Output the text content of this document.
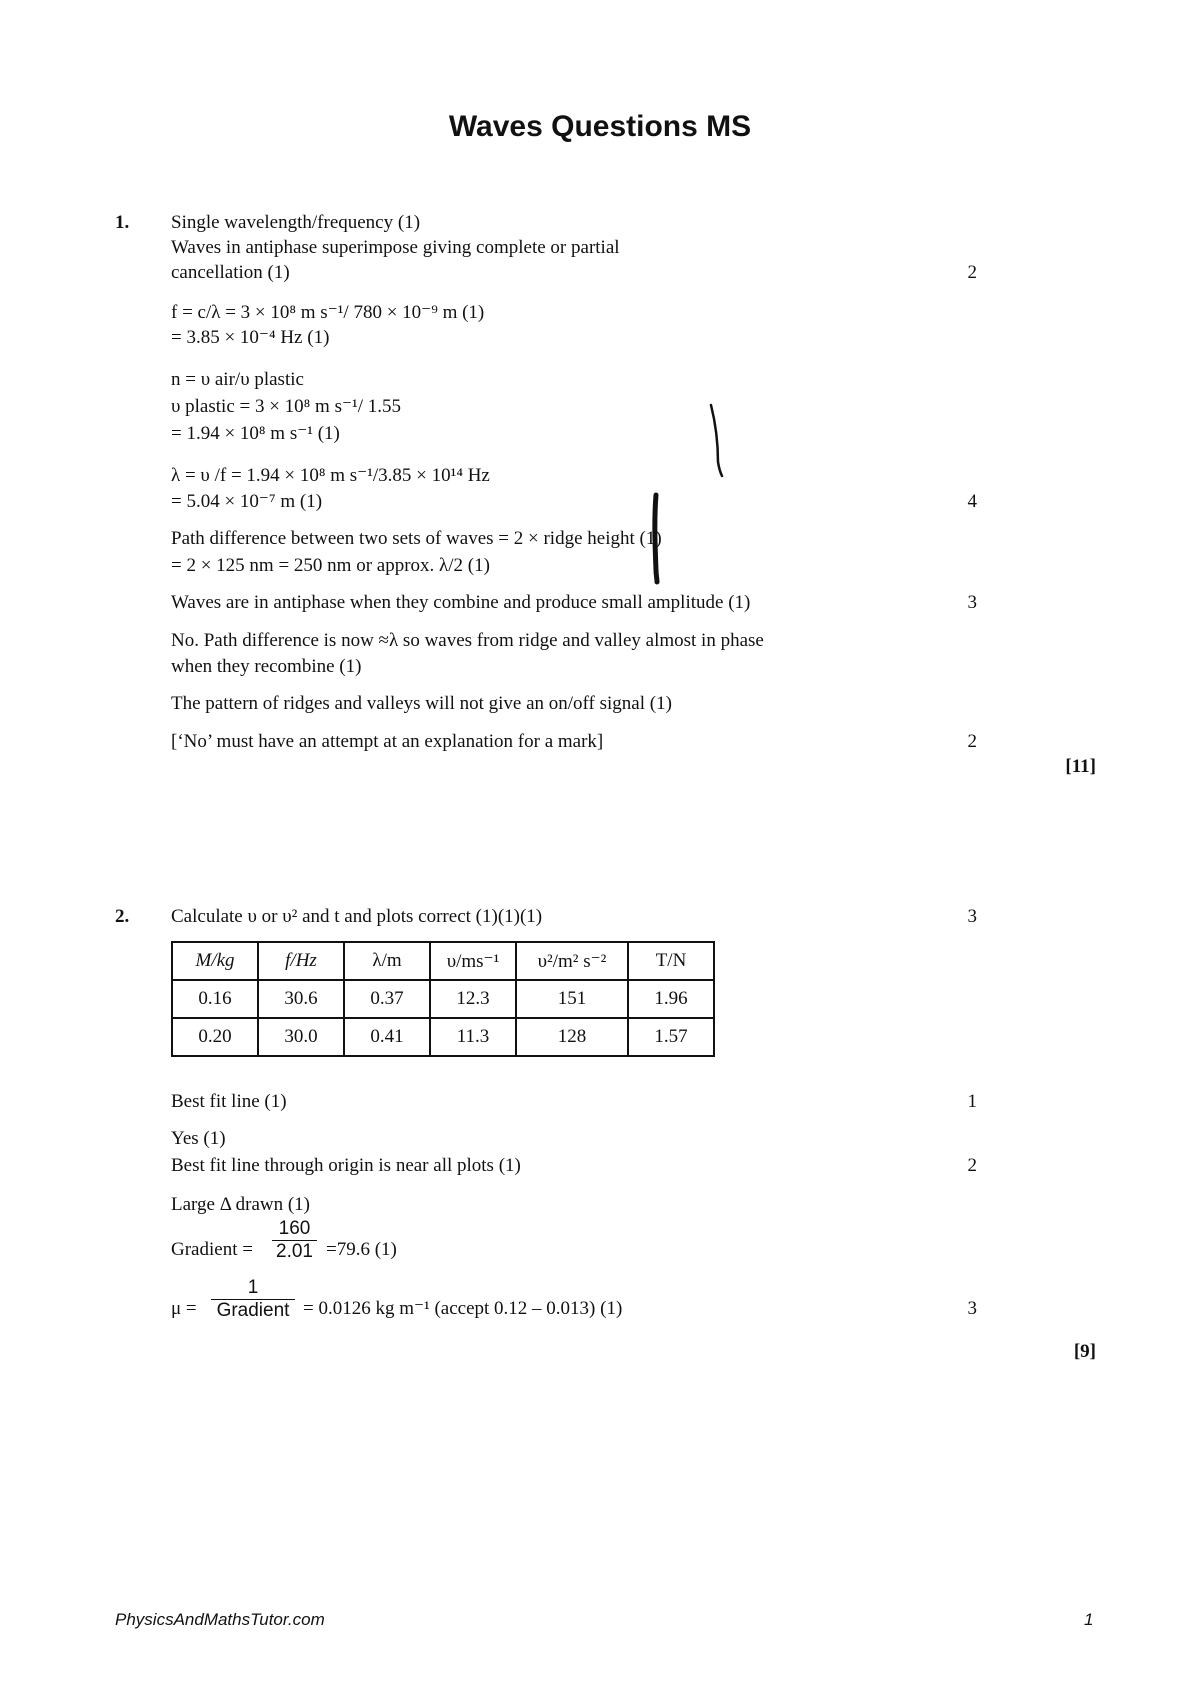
Waves Questions MS
1. Single wavelength/frequency (1)
Waves in antiphase superimpose giving complete or partial
cancellation (1)	2
f = c/λ = 3 × 10⁸ m s⁻¹/ 780 × 10⁻⁹ m (1)
= 3.85 × 10⁻⁴ Hz (1)
n = υ air/υ plastic
υ plastic = 3 × 10⁸ m s⁻¹/ 1.55
= 1.94 × 10⁸ m s⁻¹ (1)
λ = υ /f = 1.94 × 10⁸ m s⁻¹/3.85 × 10¹⁴ Hz
= 5.04 × 10⁻⁷ m (1)	4
Path difference between two sets of waves = 2 × ridge height (1)
= 2 × 125 nm = 250 nm or approx. λ/2 (1)
Waves are in antiphase when they combine and produce small amplitude (1)	3
No. Path difference is now ≈λ so waves from ridge and valley almost in phase
when they recombine (1)
The pattern of ridges and valleys will not give an on/off signal (1)
[‘No’ must have an attempt at an explanation for a mark]	2
[11]
2. Calculate υ or υ² and t and plots correct (1)(1)(1)	3
M/kg	f/Hz	λ/m	υ/ms⁻¹	υ²/m² s⁻²	T/N
0.16	30.6	0.37	12.3	151	1.96
0.20	30.0	0.41	11.3	128	1.57
Best fit line (1)	1
Yes (1)
Best fit line through origin is near all plots (1)	2
Large Δ drawn (1)
Gradient = $\frac{160}{2.01} =79.6$ (1)
μ =
1
Gradient = 0.0126 kg m⁻¹ (accept 0.12 – 0.013) (1)	3
[9]
PhysicsAndMathsTutor.com	1
